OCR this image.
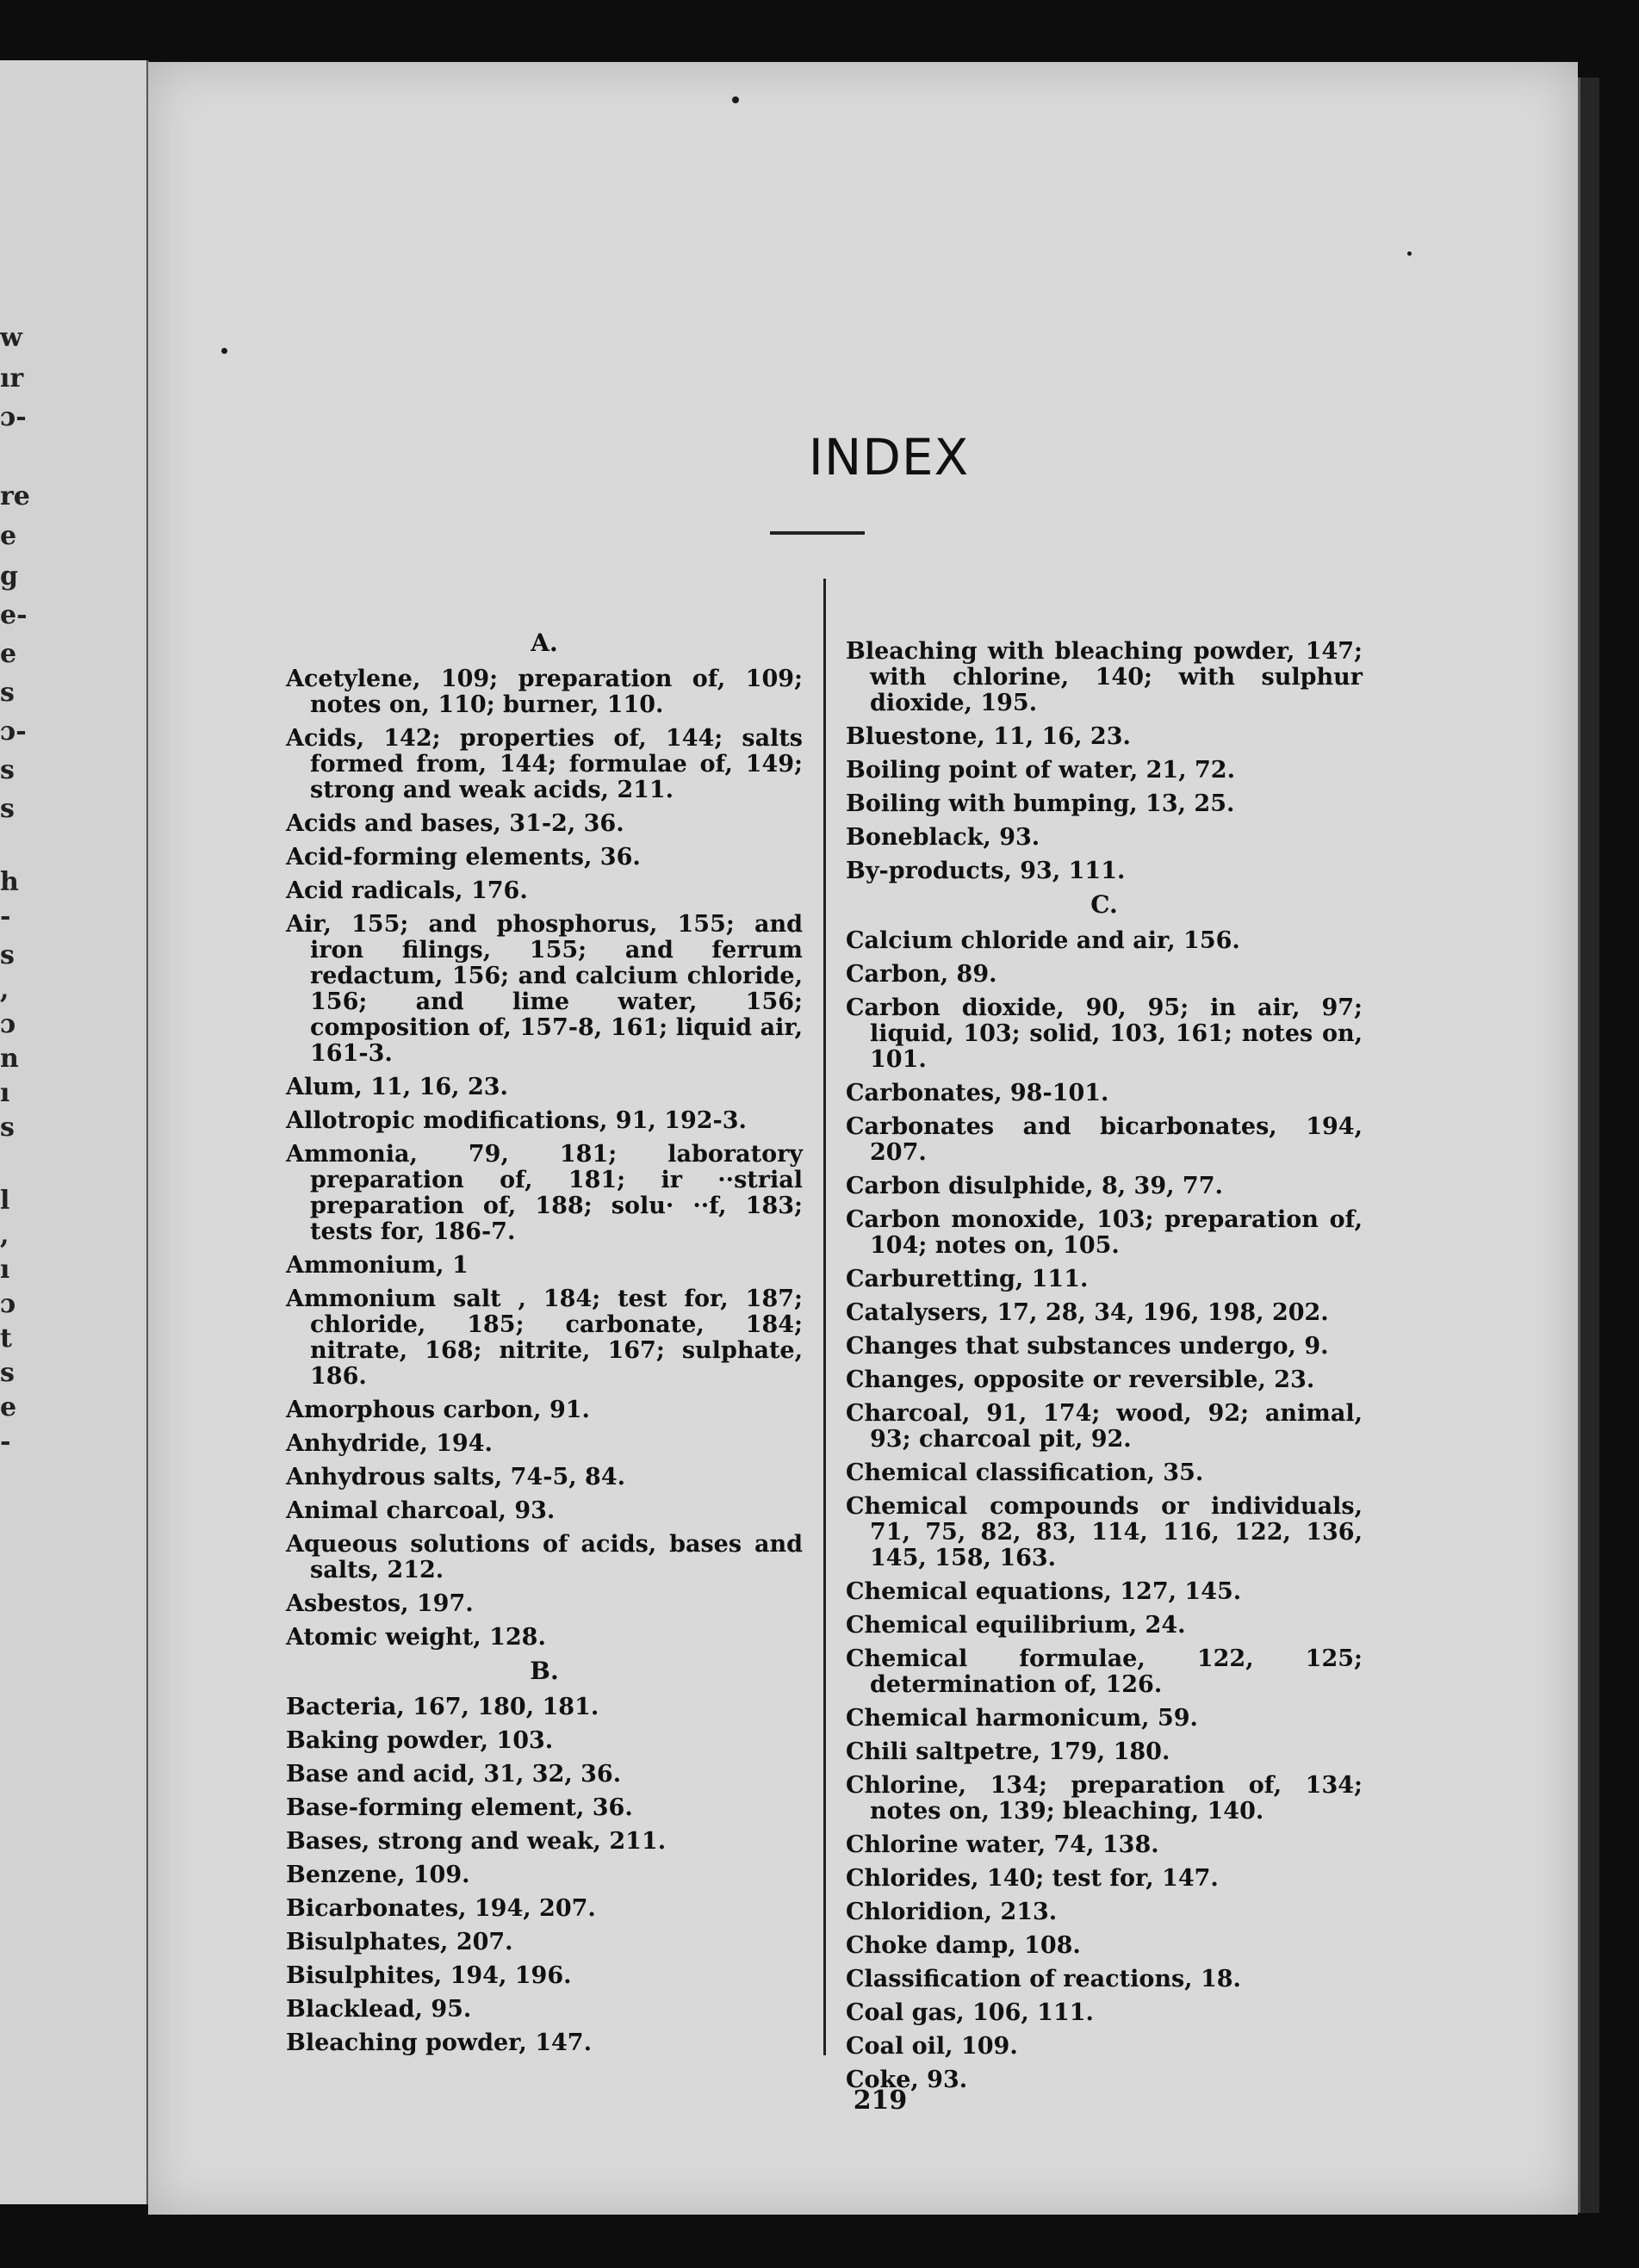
w
ır
ɔ-
re
e
g
e-
e
s
ɔ-
s
s
h
-
s
,
ɔ
n
ı
s
l
,
ı
ɔ
t
s
e
-
INDEX
A.
Acetylene, 109; preparation of, 109; notes on, 110; burner, 110.
Acids, 142; properties of, 144; salts formed from, 144; formulae of, 149; strong and weak acids, 211.
Acids and bases, 31-2, 36.
Acid-forming elements, 36.
Acid radicals, 176.
Air, 155; and phosphorus, 155; and iron filings, 155; and ferrum redactum, 156; and calcium chloride, 156; and lime water, 156; composition of, 157-8, 161; liquid air, 161-3.
Alum, 11, 16, 23.
Allotropic modifications, 91, 192-3.
Ammonia, 79, 181; laboratory preparation of, 181; ir ··strial preparation of, 188; solu· ··f, 183; tests for, 186-7.
Ammonium, 1
Ammonium salt , 184; test for, 187; chloride, 185; carbonate, 184; nitrate, 168; nitrite, 167; sulphate, 186.
Amorphous carbon, 91.
Anhydride, 194.
Anhydrous salts, 74-5, 84.
Animal charcoal, 93.
Aqueous solutions of acids, bases and salts, 212.
Asbestos, 197.
Atomic weight, 128.
B.
Bacteria, 167, 180, 181.
Baking powder, 103.
Base and acid, 31, 32, 36.
Base-forming element, 36.
Bases, strong and weak, 211.
Benzene, 109.
Bicarbonates, 194, 207.
Bisulphates, 207.
Bisulphites, 194, 196.
Blacklead, 95.
Bleaching powder, 147.
Bleaching with bleaching powder, 147; with chlorine, 140; with sulphur dioxide, 195.
Bluestone, 11, 16, 23.
Boiling point of water, 21, 72.
Boiling with bumping, 13, 25.
Boneblack, 93.
By-products, 93, 111.
C.
Calcium chloride and air, 156.
Carbon, 89.
Carbon dioxide, 90, 95; in air, 97; liquid, 103; solid, 103, 161; notes on, 101.
Carbonates, 98-101.
Carbonates and bicarbonates, 194, 207.
Carbon disulphide, 8, 39, 77.
Carbon monoxide, 103; preparation of, 104; notes on, 105.
Carburetting, 111.
Catalysers, 17, 28, 34, 196, 198, 202.
Changes that substances undergo, 9.
Changes, opposite or reversible, 23.
Charcoal, 91, 174; wood, 92; animal, 93; charcoal pit, 92.
Chemical classification, 35.
Chemical compounds or individuals, 71, 75, 82, 83, 114, 116, 122, 136, 145, 158, 163.
Chemical equations, 127, 145.
Chemical equilibrium, 24.
Chemical formulae, 122, 125; determination of, 126.
Chemical harmonicum, 59.
Chili saltpetre, 179, 180.
Chlorine, 134; preparation of, 134; notes on, 139; bleaching, 140.
Chlorine water, 74, 138.
Chlorides, 140; test for, 147.
Chloridion, 213.
Choke damp, 108.
Classification of reactions, 18.
Coal gas, 106, 111.
Coal oil, 109.
Coke, 93.
219
